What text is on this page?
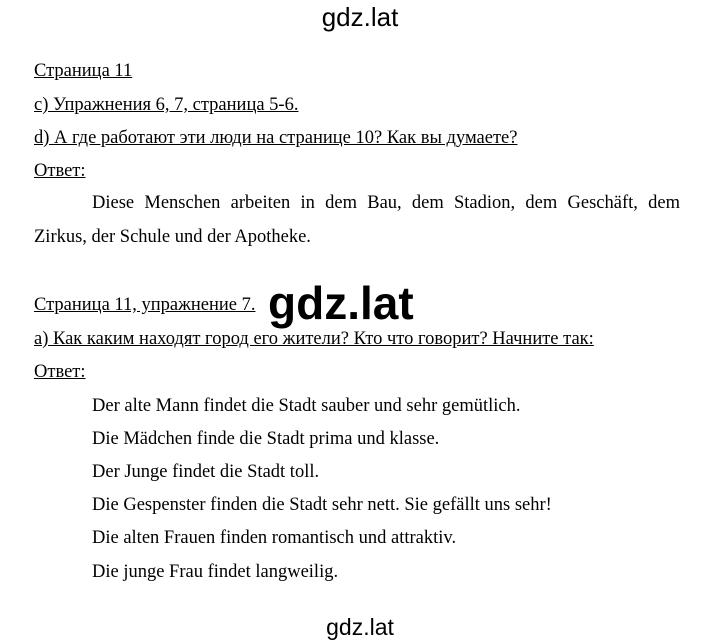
gdz.lat
Страница 11
c) Упражнения 6, 7, страница 5-6.
d) А где работают эти люди на странице 10? Как вы думаете?
Ответ:
Diese Menschen arbeiten in dem Bau, dem Stadion, dem Geschäft, dem Zirkus, der Schule und der Apotheke.
Страница 11, упражнение 7.
а) Как каким находят город его жители? Кто что говорит? Начните так:
Ответ:
Der alte Mann findet die Stadt sauber und sehr gemütlich.
Die Mädchen finde die Stadt prima und klasse.
Der Junge findet die Stadt toll.
Die Gespenster finden die Stadt sehr nett. Sie gefällt uns sehr!
Die alten Frauen finden romantisch und attraktiv.
Die junge Frau findet langweilig.
gdz.lat
gdz.lat
